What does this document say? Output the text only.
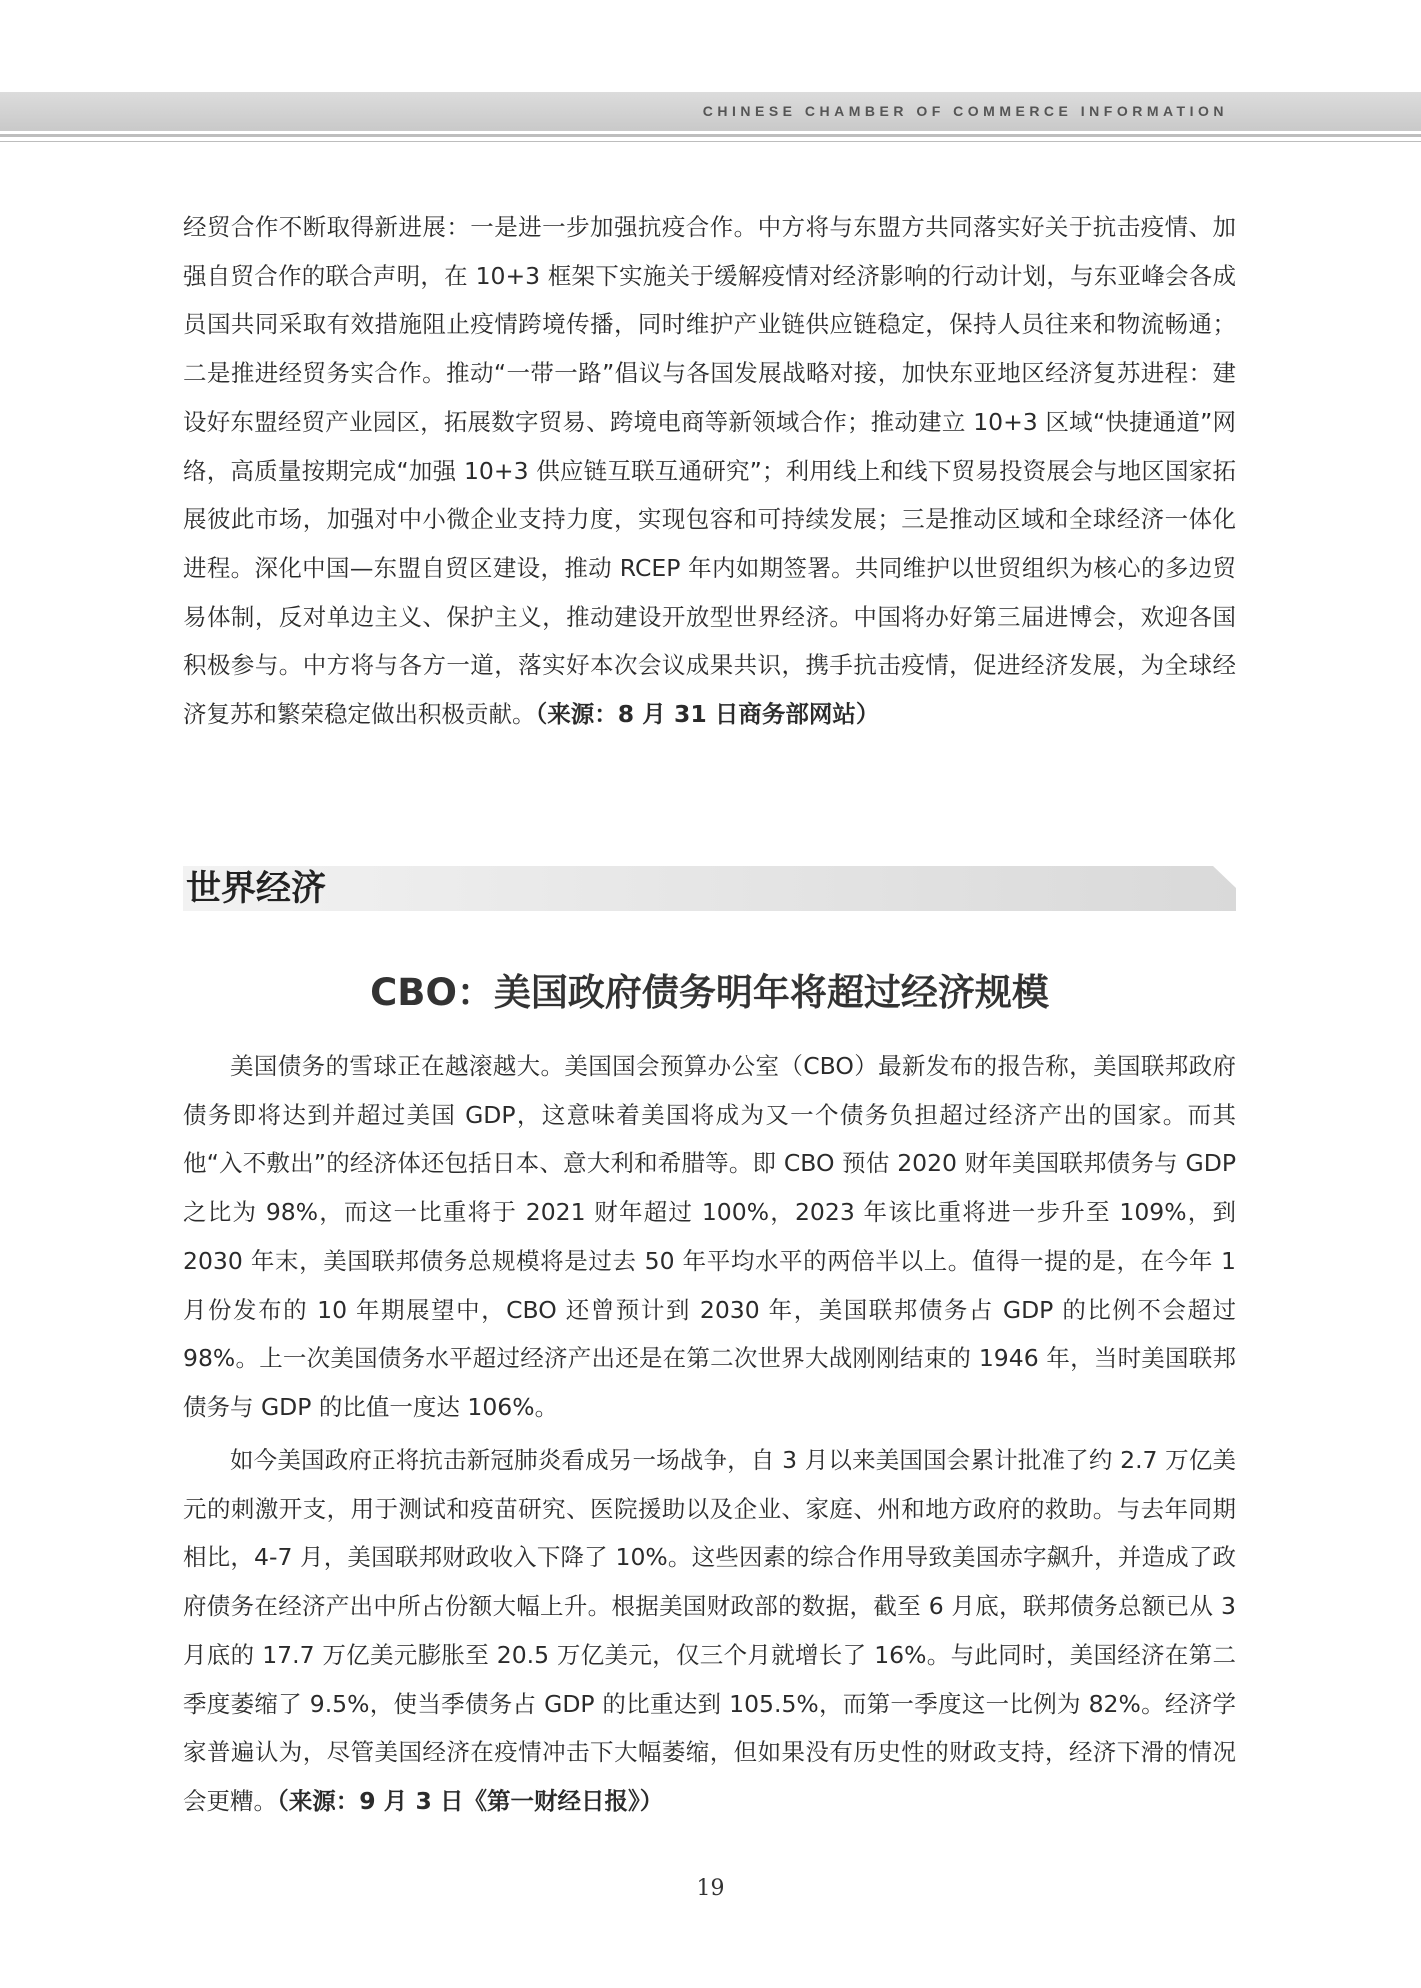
CHINESE CHAMBER OF COMMERCE INFORMATION

经贸合作不断取得新进展：一是进一步加强抗疫合作。中方将与东盟方共同落实好关于抗击疫情、加强自贸合作的联合声明，在 10+3 框架下实施关于缓解疫情对经济影响的行动计划，与东亚峰会各成员国共同采取有效措施阻止疫情跨境传播，同时维护产业链供应链稳定，保持人员往来和物流畅通；二是推进经贸务实合作。推动“一带一路”倡议与各国发展战略对接，加快东亚地区经济复苏进程：建设好东盟经贸产业园区，拓展数字贸易、跨境电商等新领域合作；推动建立 10+3 区域“快捷通道”网络，高质量按期完成“加强 10+3 供应链互联互通研究”；利用线上和线下贸易投资展会与地区国家拓展彼此市场，加强对中小微企业支持力度，实现包容和可持续发展；三是推动区域和全球经济一体化进程。深化中国—东盟自贸区建设，推动 RCEP 年内如期签署。共同维护以世贸组织为核心的多边贸易体制，反对单边主义、保护主义，推动建设开放型世界经济。中国将办好第三届进博会，欢迎各国积极参与。中方将与各方一道，落实好本次会议成果共识，携手抗击疫情，促进经济发展，为全球经济复苏和繁荣稳定做出积极贡献。（来源：8 月 31 日商务部网站）

世界经济
CBO：美国政府债务明年将超过经济规模

美国债务的雪球正在越滚越大。美国国会预算办公室（CBO）最新发布的报告称，美国联邦政府债务即将达到并超过美国 GDP，这意味着美国将成为又一个债务负担超过经济产出的国家。而其他“入不敷出”的经济体还包括日本、意大利和希腊等。即 CBO 预估 2020 财年美国联邦债务与 GDP 之比为 98%，而这一比重将于 2021 财年超过 100%，2023 年该比重将进一步升至 109%，到 2030 年末，美国联邦债务总规模将是过去 50 年平均水平的两倍半以上。值得一提的是，在今年 1 月份发布的 10 年期展望中，CBO 还曾预计到 2030 年，美国联邦债务占 GDP 的比例不会超过 98%。上一次美国债务水平超过经济产出还是在第二次世界大战刚刚结束的 1946 年，当时美国联邦债务与 GDP 的比值一度达 106%。

如今美国政府正将抗击新冠肺炎看成另一场战争，自 3 月以来美国国会累计批准了约 2.7 万亿美元的刺激开支，用于测试和疫苗研究、医院援助以及企业、家庭、州和地方政府的救助。与去年同期相比，4-7 月，美国联邦财政收入下降了 10%。这些因素的综合作用导致美国赤字飙升，并造成了政府债务在经济产出中所占份额大幅上升。根据美国财政部的数据，截至 6 月底，联邦债务总额已从 3 月底的 17.7 万亿美元膨胀至 20.5 万亿美元，仅三个月就增长了 16%。与此同时，美国经济在第二季度萎缩了 9.5%，使当季债务占 GDP 的比重达到 105.5%，而第一季度这一比例为 82%。经济学家普遍认为，尽管美国经济在疫情冲击下大幅萎缩，但如果没有历史性的财政支持，经济下滑的情况会更糟。（来源：9 月 3 日《第一财经日报》）

19
